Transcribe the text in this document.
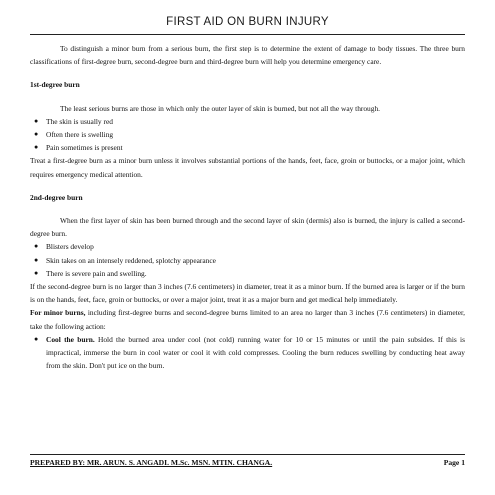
FIRST AID ON BURN INJURY

To distinguish a minor burn from a serious burn, the first step is to determine the extent of damage to body tissues. The three burn classifications of first-degree burn, second-degree burn and third-degree burn will help you determine emergency care.

1st-degree burn

The least serious burns are those in which only the outer layer of skin is burned, but not all the way through.

● The skin is usually red
● Often there is swelling
● Pain sometimes is present

Treat a first-degree burn as a minor burn unless it involves substantial portions of the hands, feet, face, groin or buttocks, or a major joint, which requires emergency medical attention.

2nd-degree burn

When the first layer of skin has been burned through and the second layer of skin (dermis) also is burned, the injury is called a second-degree burn.

● Blisters develop
● Skin takes on an intensely reddened, splotchy appearance
● There is severe pain and swelling.

If the second-degree burn is no larger than 3 inches (7.6 centimeters) in diameter, treat it as a minor burn. If the burned area is larger or if the burn is on the hands, feet, face, groin or buttocks, or over a major joint, treat it as a major burn and get medical help immediately.

For minor burns, including first-degree burns and second-degree burns limited to an area no larger than 3 inches (7.6 centimeters) in diameter, take the following action:

● Cool the burn. Hold the burned area under cool (not cold) running water for 10 or 15 minutes or until the pain subsides. If this is impractical, immerse the burn in cool water or cool it with cold compresses. Cooling the burn reduces swelling by conducting heat away from the skin. Don't put ice on the burn.
PREPARED BY: MR. ARUN. S. ANGADI. M.Sc. MSN. MTIN. CHANGA.	Page 1
